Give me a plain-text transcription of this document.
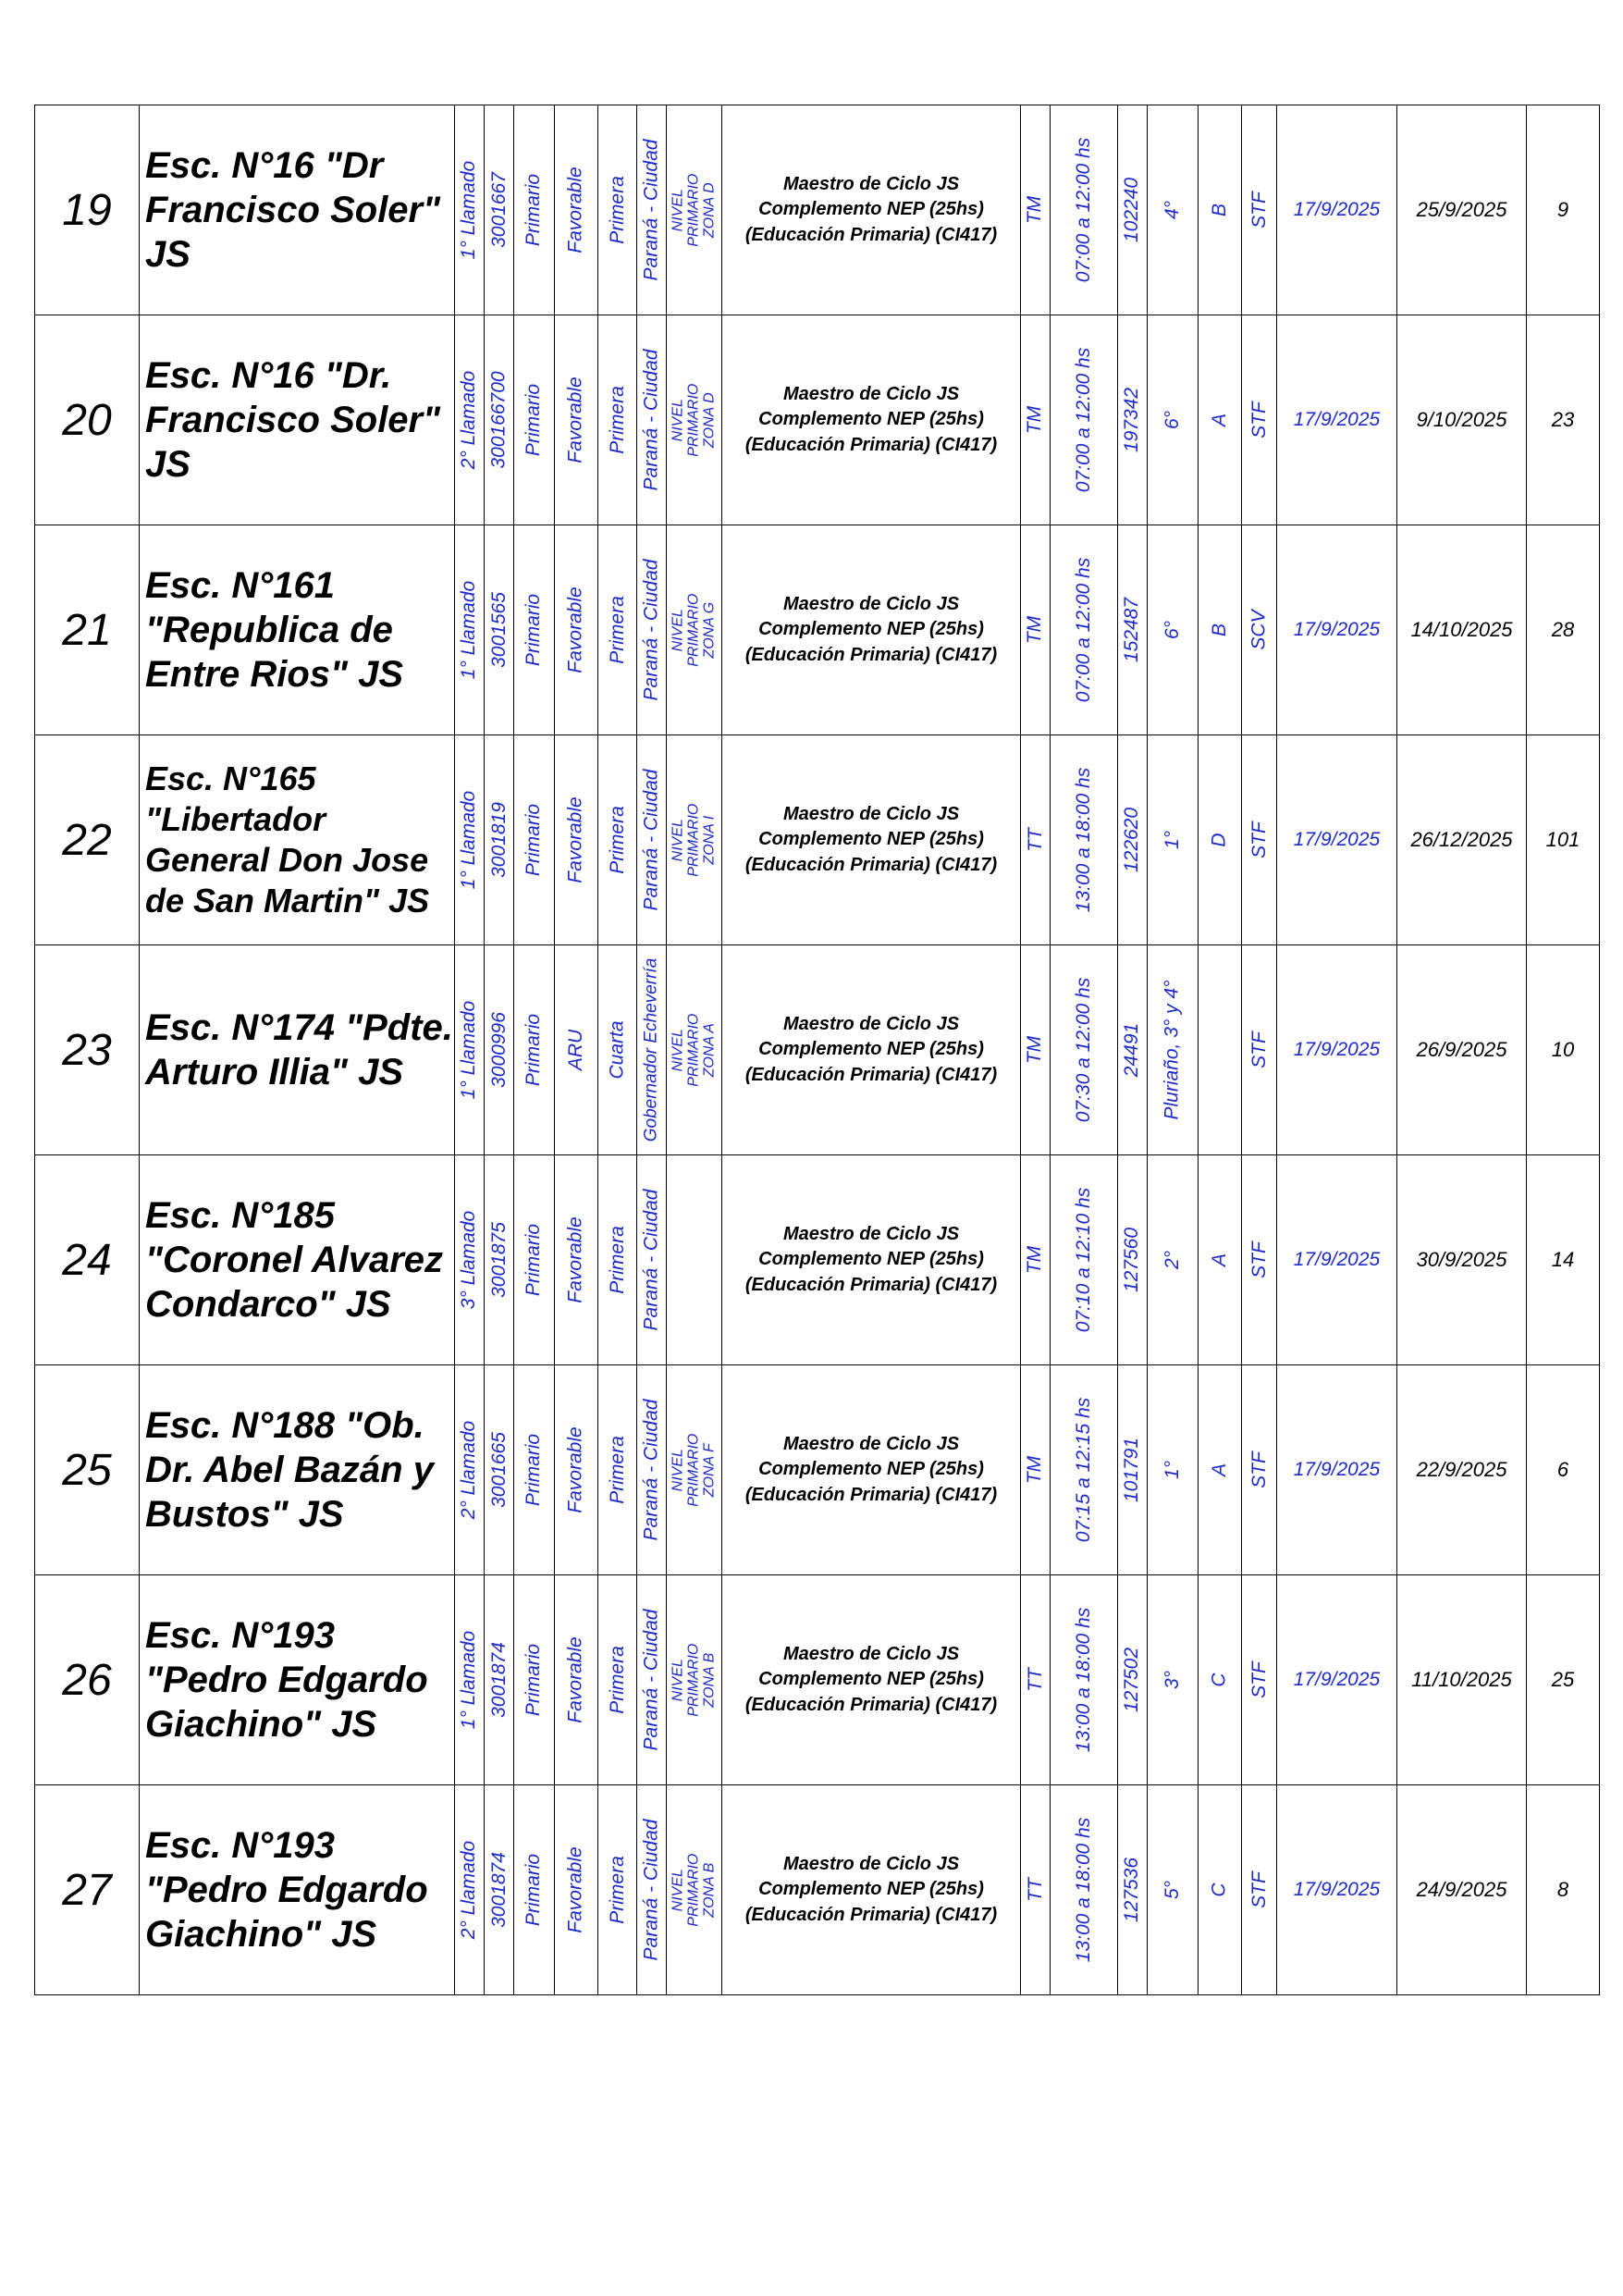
19	Esc. N°16 "Dr Francisco Soler" JS	1° Llamado	3001667	Primario	Favorable	Primera	Paraná - Ciudad	NIVEL PRIMARIO ZONA D	Maestro de Ciclo JS Complemento NEP (25hs) (Educación Primaria) (CI417)	TM	07:00 a 12:00 hs	102240	4°	B	STF	17/9/2025	25/9/2025	9
20	Esc. N°16 "Dr. Francisco Soler" JS	2° Llamado	300166700	Primario	Favorable	Primera	Paraná - Ciudad	NIVEL PRIMARIO ZONA D	Maestro de Ciclo JS Complemento NEP (25hs) (Educación Primaria) (CI417)	TM	07:00 a 12:00 hs	197342	6°	A	STF	17/9/2025	9/10/2025	23
21	Esc. N°161 "Republica de Entre Rios" JS	1° Llamado	3001565	Primario	Favorable	Primera	Paraná - Ciudad	NIVEL PRIMARIO ZONA G	Maestro de Ciclo JS Complemento NEP (25hs) (Educación Primaria) (CI417)	TM	07:00 a 12:00 hs	152487	6°	B	SCV	17/9/2025	14/10/2025	28
22	Esc. N°165 "Libertador General Don Jose de San Martin" JS	1° Llamado	3001819	Primario	Favorable	Primera	Paraná - Ciudad	NIVEL PRIMARIO ZONA I	Maestro de Ciclo JS Complemento NEP (25hs) (Educación Primaria) (CI417)	TT	13:00 a 18:00 hs	122620	1°	D	STF	17/9/2025	26/12/2025	101
23	Esc. N°174 "Pdte. Arturo Illia" JS	1° Llamado	3000996	Primario	ARU	Cuarta	Gobernador Echeverría	NIVEL PRIMARIO ZONA A	Maestro de Ciclo JS Complemento NEP (25hs) (Educación Primaria) (CI417)	TM	07:30 a 12:00 hs	24491	Pluriaño, 3° y 4°		STF	17/9/2025	26/9/2025	10
24	Esc. N°185 "Coronel Alvarez Condarco" JS	3° Llamado	3001875	Primario	Favorable	Primera	Paraná - Ciudad		Maestro de Ciclo JS Complemento NEP (25hs) (Educación Primaria) (CI417)	TM	07:10 a 12:10 hs	127560	2°	A	STF	17/9/2025	30/9/2025	14
25	Esc. N°188 "Ob. Dr. Abel Bazán y Bustos" JS	2° Llamado	3001665	Primario	Favorable	Primera	Paraná - Ciudad	NIVEL PRIMARIO ZONA F	Maestro de Ciclo JS Complemento NEP (25hs) (Educación Primaria) (CI417)	TM	07:15 a 12:15 hs	101791	1°	A	STF	17/9/2025	22/9/2025	6
26	Esc. N°193 "Pedro Edgardo Giachino" JS	1° Llamado	3001874	Primario	Favorable	Primera	Paraná - Ciudad	NIVEL PRIMARIO ZONA B	Maestro de Ciclo JS Complemento NEP (25hs) (Educación Primaria) (CI417)	TT	13:00 a 18:00 hs	127502	3°	C	STF	17/9/2025	11/10/2025	25
27	Esc. N°193 "Pedro Edgardo Giachino" JS	2° Llamado	3001874	Primario	Favorable	Primera	Paraná - Ciudad	NIVEL PRIMARIO ZONA B	Maestro de Ciclo JS Complemento NEP (25hs) (Educación Primaria) (CI417)	TT	13:00 a 18:00 hs	127536	5°	C	STF	17/9/2025	24/9/2025	8
